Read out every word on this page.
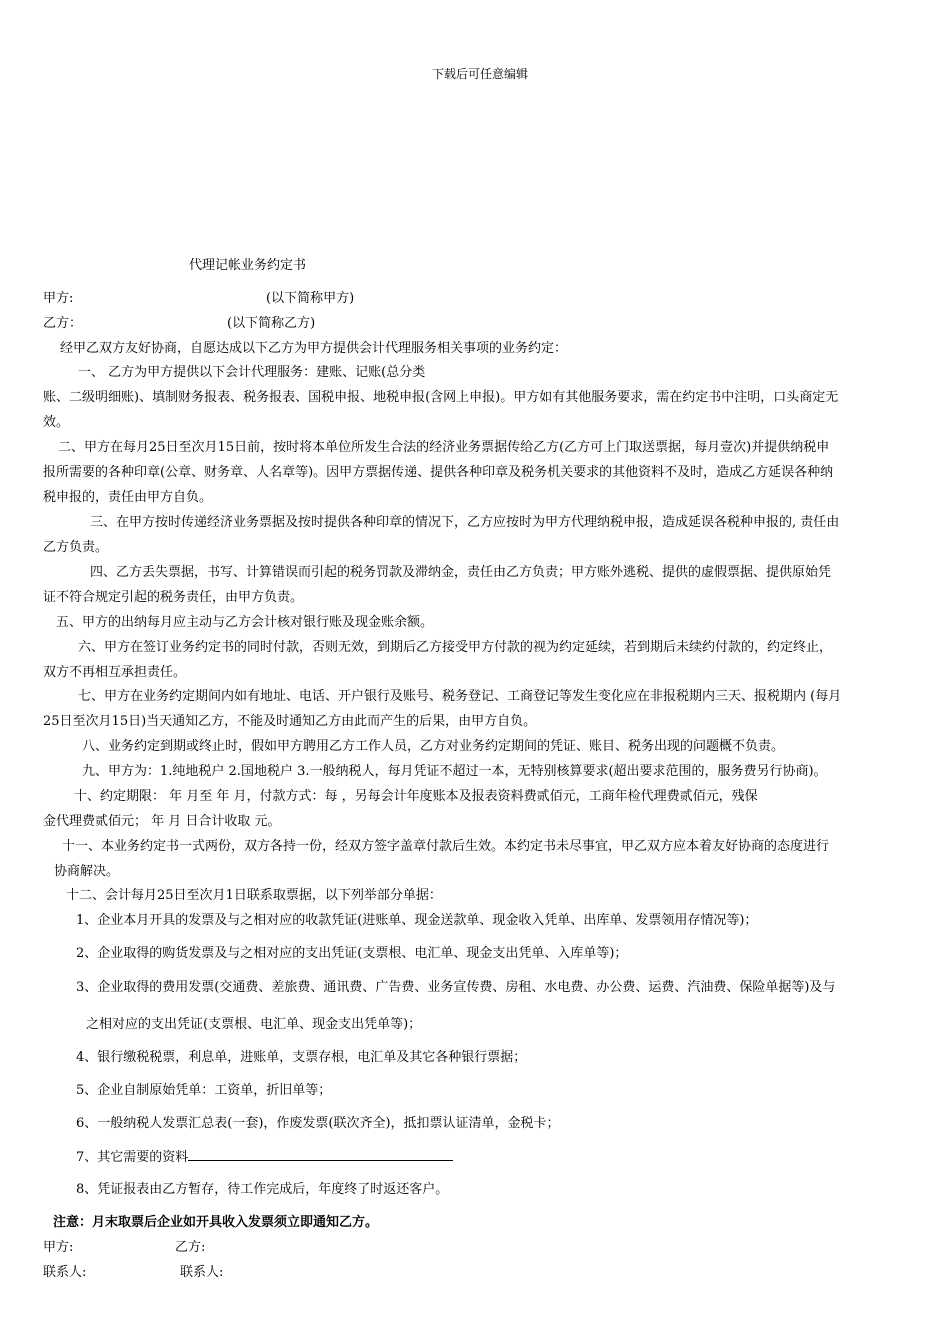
下载后可任意编辑
代理记帐业务约定书
甲方:	(以下简称甲方)
乙方：	(以下简称乙方)
经甲乙双方友好协商，自愿达成以下乙方为甲方提供会计代理服务相关事项的业务约定：
一、 乙方为甲方提供以下会计代理服务：建账、记账(总分类
账、二级明细账)、填制财务报表、税务报表、国税申报、地税申报(含网上申报)。甲方如有其他服务要求，需在约定书中注明，口头商定无
效。
二、甲方在每月25日至次月15日前，按时将本单位所发生合法的经济业务票据传给乙方(乙方可上门取送票据，每月壹次)并提供纳税申
报所需要的各种印章(公章、财务章、人名章等)。因甲方票据传递、提供各种印章及税务机关要求的其他资料不及时，造成乙方延误各种纳
税申报的，责任由甲方自负。
三、在甲方按时传递经济业务票据及按时提供各种印章的情况下，乙方应按时为甲方代理纳税申报，造成延误各税种申报的, 责任由
乙方负责。
四、乙方丢失票据，书写、计算错误而引起的税务罚款及滞纳金，责任由乙方负责；甲方账外逃税、提供的虚假票据、提供原始凭
证不符合规定引起的税务责任，由甲方负责。
五、甲方的出纳每月应主动与乙方会计核对银行账及现金账余额。
六、甲方在签订业务约定书的同时付款，否则无效，到期后乙方接受甲方付款的视为约定延续，若到期后未续约付款的，约定终止，
双方不再相互承担责任。
七、甲方在业务约定期间内如有地址、电话、开户银行及账号、税务登记、工商登记等发生变化应在非报税期内三天、报税期内 (每月
25日至次月15日)当天通知乙方，不能及时通知乙方由此而产生的后果，由甲方自负。
八、业务约定到期或终止时，假如甲方聘用乙方工作人员，乙方对业务约定期间的凭证、账目、税务出现的问题概不负责。
九、甲方为：1.纯地税户 2.国地税户 3.一般纳税人，每月凭证不超过一本，无特别核算要求(超出要求范围的，服务费另行协商)。
十、约定期限： 年 月至 年 月，付款方式：每 ，另每会计年度账本及报表资料费贰佰元，工商年检代理费贰佰元，残保
金代理费贰佰元； 年 月 日合计收取 元。
十一、本业务约定书一式两份，双方各持一份，经双方签字盖章付款后生效。本约定书未尽事宜，甲乙双方应本着友好协商的态度进行
协商解决。
十二、会计每月25日至次月1日联系取票据，以下列举部分单据：
1、企业本月开具的发票及与之相对应的收款凭证(进账单、现金送款单、现金收入凭单、出库单、发票领用存情况等)；
2、企业取得的购货发票及与之相对应的支出凭证(支票根、电汇单、现金支出凭单、入库单等)；
3、企业取得的费用发票(交通费、差旅费、通讯费、广告费、业务宣传费、房租、水电费、办公费、运费、汽油费、保险单据等)及与
之相对应的支出凭证(支票根、电汇单、现金支出凭单等)；
4、银行缴税税票，利息单，进账单，支票存根，电汇单及其它各种银行票据；
5、企业自制原始凭单：工资单，折旧单等；
6、一般纳税人发票汇总表(一套)，作废发票(联次齐全)，抵扣票认证清单，金税卡；
7、其它需要的资料
8、凭证报表由乙方暂存，待工作完成后，年度终了时返还客户。
注意：月末取票后企业如开具收入发票须立即通知乙方。
甲方:	乙方:
联系人:	联系人:
